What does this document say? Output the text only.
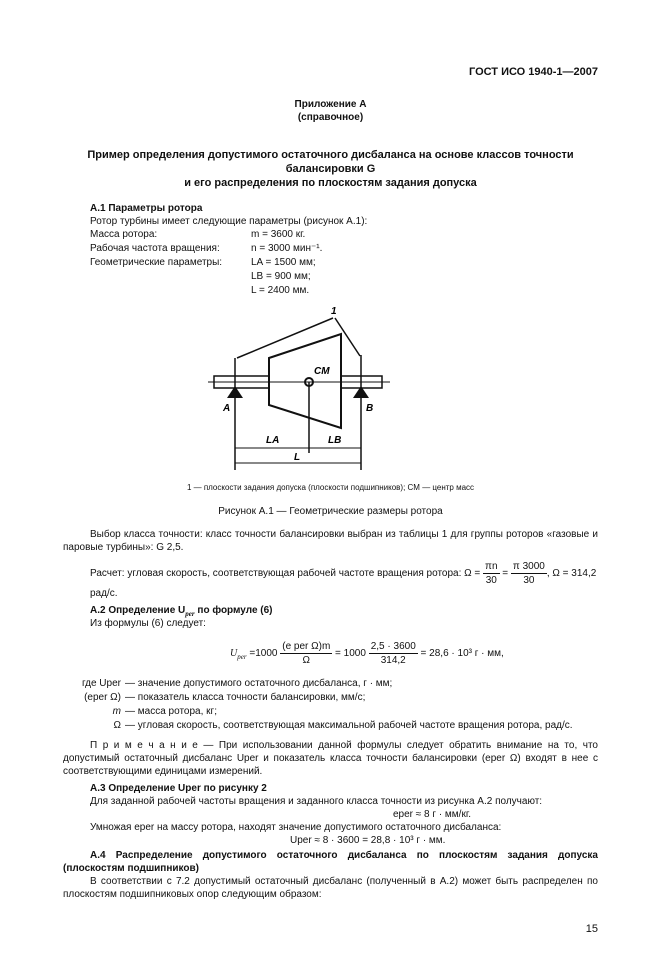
ГОСТ ИСО 1940-1—2007
Приложение А
(справочное)
Пример определения допустимого остаточного дисбаланса на основе классов точности
балансировки G
и его распределения по плоскостям задания допуска
А.1 Параметры ротора
Ротор турбины имеет следующие параметры (рисунок А.1):
Масса ротора:	m = 3600 кг.
Рабочая частота вращения:	n = 3000 мин⁻¹.
Геометрические параметры:	LA = 1500 мм;
LB = 900 мм;
L = 2400 мм.
1
CM
A	B
LA	LB
L
1 — плоскости задания допуска (плоскости подшипников); CM — центр масс
Рисунок А.1 — Геометрические размеры ротора
Выбор класса точности: класс точности балансировки выбран из таблицы 1 для группы роторов «газовые и паровые турбины»: G 2,5.
Расчет: угловая скорость, соответствующая рабочей частоте вращения ротора: $\Omega = \frac{\pi n}{30} = \frac{\pi 3000}{30}$ , Ω = 314,2 рад/с.
А.2 Определение $U_{per}$ по формуле (6)
Из формулы (6) следует:
$U_{per} =1000 \frac{\text{(e per Ω)m}}{\Omega} = 1000 \frac{2,5 \cdot 3600}{314,2} = 28,6 \cdot 10^3$ г · мм,
где Uper — значение допустимого остаточного дисбаланса, г · мм;
(eper Ω) — показатель класса точности балансировки, мм/с;
m — масса ротора, кг;
Ω — угловая скорость, соответствующая максимальной рабочей частоте вращения ротора, рад/с.
П р и м е ч а н и е — При использовании данной формулы следует обратить внимание на то, что допустимый остаточный дисбаланс Uper и показатель класса точности балансировки (eper Ω) входят в нее с соответствующими единицами измерений.
А.3 Определение Uper по рисунку 2
Для заданной рабочей частоты вращения и заданного класса точности из рисунка А.2 получают:
eper ≈ 8 г · мм/кг.
Умножая eper на массу ротора, находят значение допустимого остаточного дисбаланса:
Uper ≈ 8 · 3600 = 28,8 · 10³ г · мм.
А.4 Распределение допустимого остаточного дисбаланса по плоскостям задания допуска (плоскостям подшипников)
В соответствии с 7.2 допустимый остаточный дисбаланс (полученный в А.2) может быть распределен по плоскостям подшипниковых опор следующим образом:
15
